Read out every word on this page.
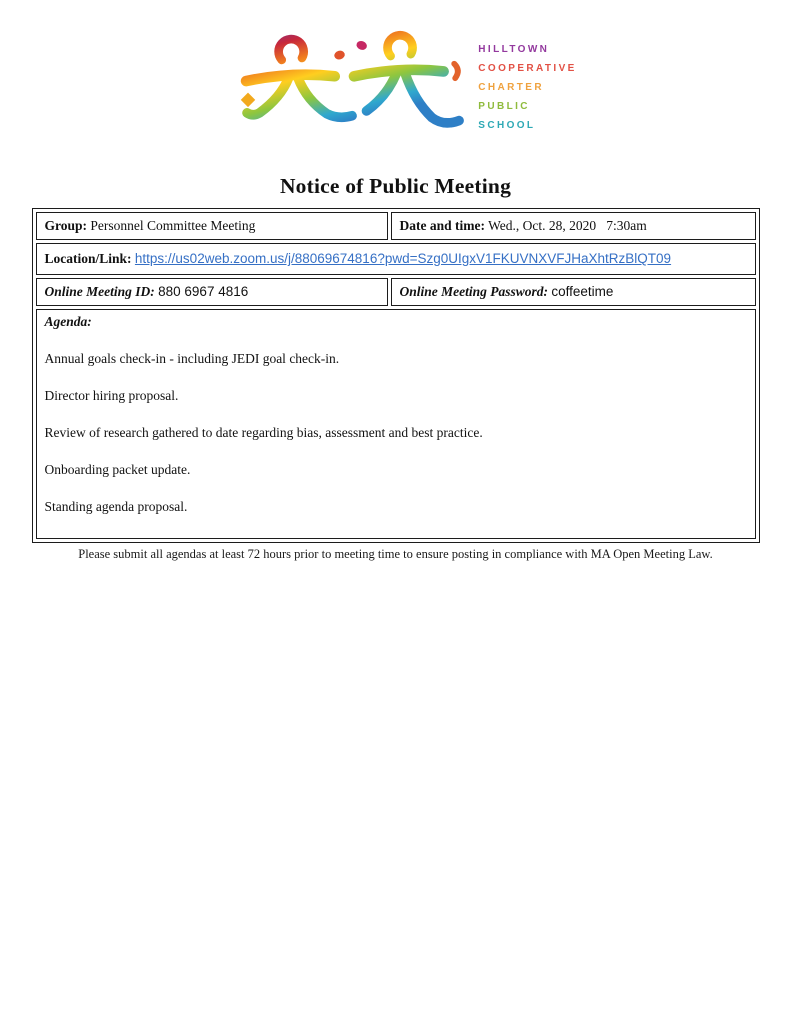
HILLTOWN
COOPERATIVE
CHARTER
PUBLIC
SCHOOL
Notice of Public Meeting
Group: Personnel Committee Meeting	Date and time: Wed., Oct. 28, 2020   7:30am
Location/Link: https://us02web.zoom.us/j/88069674816?pwd=Szg0UIgxV1FKUVNXVFJHaXhtRzBlQT09	
Online Meeting ID: 880 6967 4816	Online Meeting Password: coffeetime

Agenda:

Annual goals check-in - including JEDI goal check-in.

Director hiring proposal.

Review of research gathered to date regarding bias, assessment and best practice.

Onboarding packet update.

Standing agenda proposal.

Please submit all agendas at least 72 hours prior to meeting time to ensure posting in compliance with MA Open Meeting Law.
